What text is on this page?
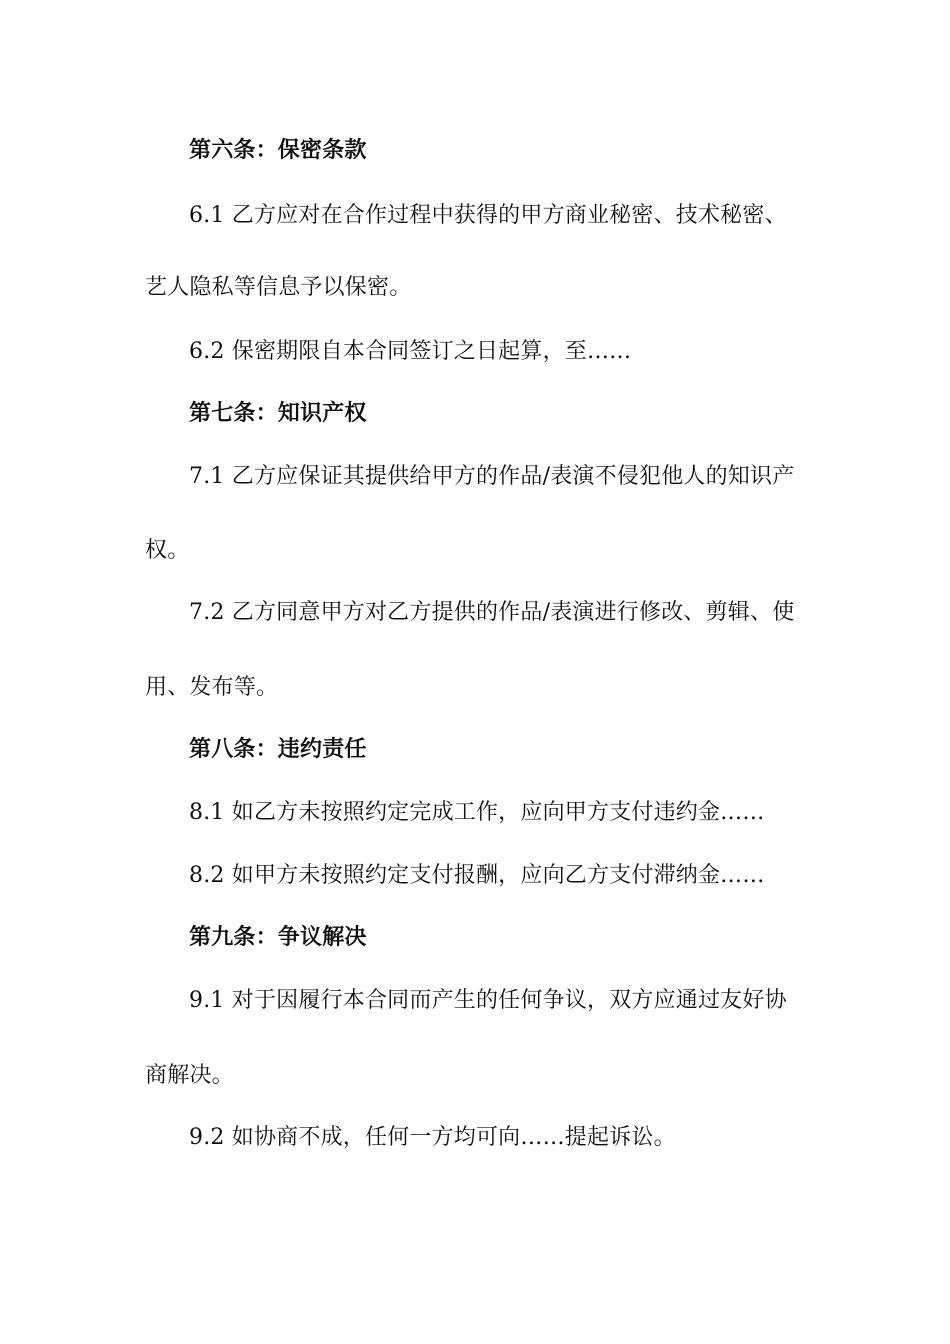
第六条：保密条款
6.1 乙方应对在合作过程中获得的甲方商业秘密、技术秘密、
艺人隐私等信息予以保密。
6.2 保密期限自本合同签订之日起算，至……
第七条：知识产权
7.1 乙方应保证其提供给甲方的作品/表演不侵犯他人的知识产
权。
7.2 乙方同意甲方对乙方提供的作品/表演进行修改、剪辑、使
用、发布等。
第八条：违约责任
8.1 如乙方未按照约定完成工作，应向甲方支付违约金……
8.2 如甲方未按照约定支付报酬，应向乙方支付滞纳金……
第九条：争议解决
9.1 对于因履行本合同而产生的任何争议，双方应通过友好协
商解决。
9.2 如协商不成，任何一方均可向……提起诉讼。
